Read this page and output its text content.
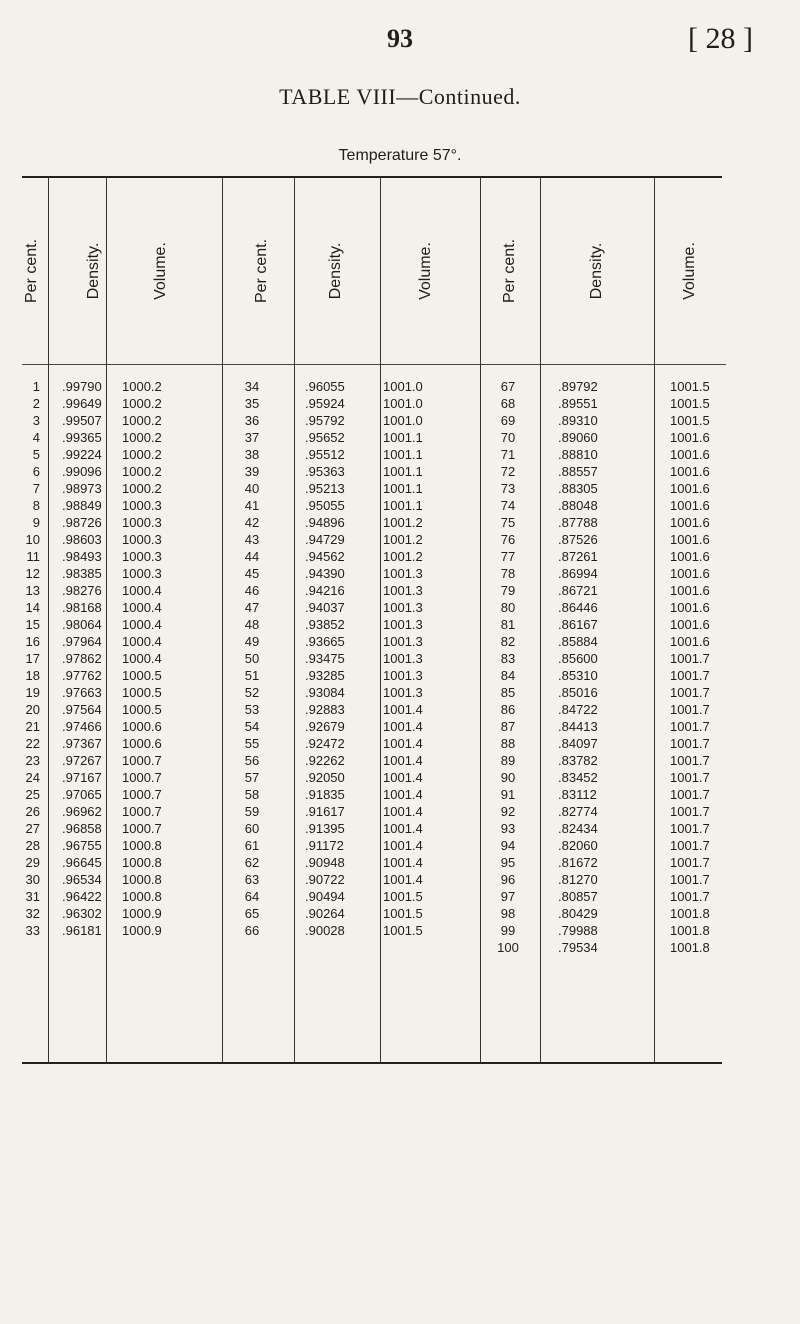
93	[ 28 ]
TABLE VIII—Continued.
Temperature 57°.
Per cent.	Density.	Volume.	Per cent.	Density.	Volume.	Per cent.	Density.	Volume.
1 .99790 1000.2	34	.96055	1001.0	67	.89792	1001.5
2 .99649 1000.2	35	.95924	1001.0	68	.89551	1001.5
3 .99507 1000.2	36	.95792	1001.0	69	.89310	1001.5
4 .99365 1000.2	37	.95652	1001.1	70	.89060	1001.6
5 .99224 1000.2	38	.95512	1001.1	71	.88810	1001.6
6 .99096 1000.2	39	.95363	1001.1	72	.88557	1001.6
7 .98973 1000.2	40	.95213	1001.1	73	.88305	1001.6
8 .98849 1000.3	41	.95055	1001.1	74	.88048	1001.6
9 .98726 1000.3	42	.94896	1001.2	75	.87788	1001.6
10 .98603 1000.3	43	.94729	1001.2	76	.87526	1001.6
11 .98493 1000.3	44	.94562	1001.2	77	.87261	1001.6
12 .98385 1000.3	45	.94390	1001.3	78	.86994	1001.6
13 .98276 1000.4	46	.94216	1001.3	79	.86721	1001.6
14 .98168 1000.4	47	.94037	1001.3	80	.86446	1001.6
15 .98064 1000.4	48	.93852	1001.3	81	.86167	1001.6
16 .97964 1000.4	49	.93665	1001.3	82	.85884	1001.6
17 .97862 1000.4	50	.93475	1001.3	83	.85600	1001.7
18 .97762 1000.5	51	.93285	1001.3	84	.85310	1001.7
19 .97663 1000.5	52	.93084	1001.3	85	.85016	1001.7
20 .97564 1000.5	53	.92883	1001.4	86	.84722	1001.7
21 .97466 1000.6	54	.92679	1001.4	87	.84413	1001.7
22 .97367 1000.6	55	.92472	1001.4	88	.84097	1001.7
23 .97267 1000.7	56	.92262	1001.4	89	.83782	1001.7
24 .97167 1000.7	57	.92050	1001.4	90	.83452	1001.7
25 .97065 1000.7	58	.91835	1001.4	91	.83112	1001.7
26 .96962 1000.7	59	.91617	1001.4	92	.82774	1001.7
27 .96858 1000.7	60	.91395	1001.4	93	.82434	1001.7
28 .96755 1000.8	61	.91172	1001.4	94	.82060	1001.7
29 .96645 1000.8	62	.90948	1001.4	95	.81672	1001.7
30 .96534 1000.8	63	.90722	1001.4	96	.81270	1001.7
31 .96422 1000.8	64	.90494	1001.5	97	.80857	1001.7
32 .96302 1000.9	65	.90264	1001.5	98	.80429	1001.8
33 .96181 1000.9	66	.90028	1001.5	99	.79988	1001.8
100	.79534	1001.8
